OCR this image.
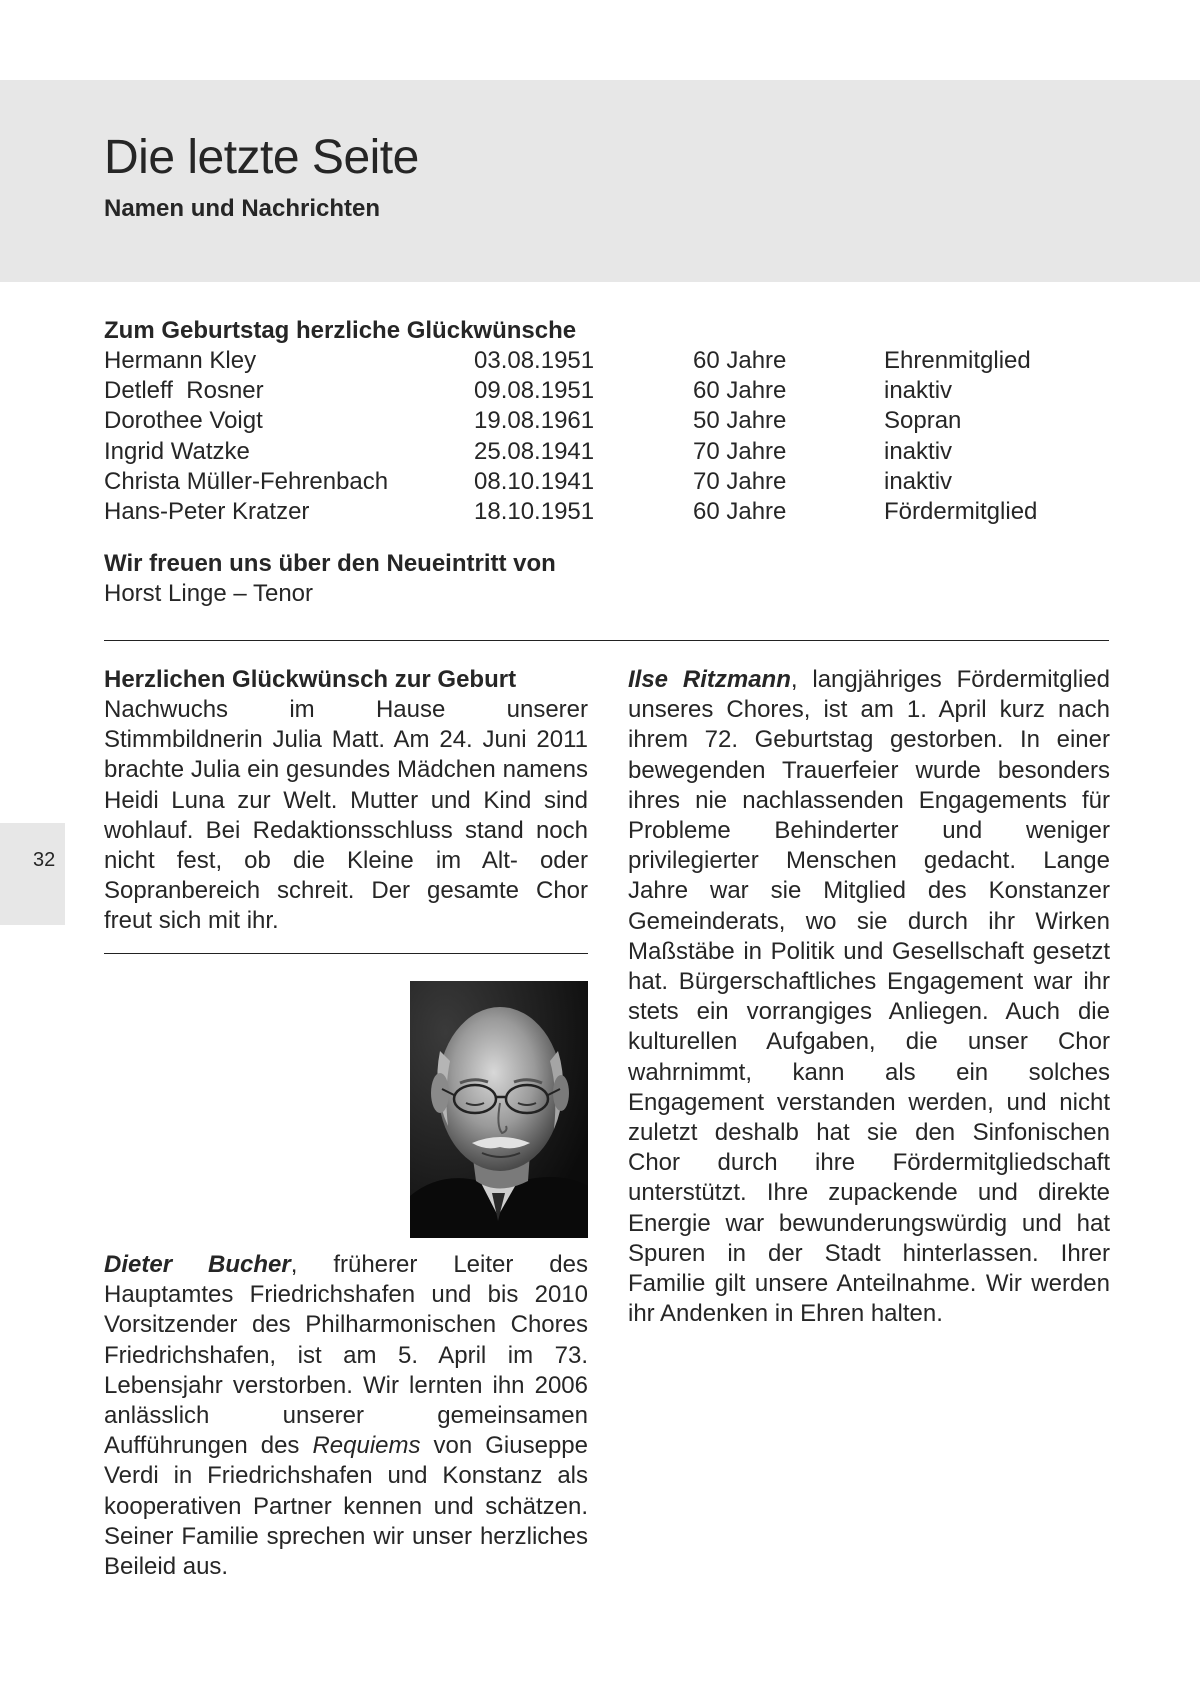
Die letzte Seite
Namen und Nachrichten
32
Zum Geburtstag herzliche Glückwünsche
Hermann Kley	03.08.1951	60 Jahre	Ehrenmitglied
Detleff  Rosner	09.08.1951	60 Jahre	inaktiv
Dorothee Voigt	19.08.1961	50 Jahre	Sopran
Ingrid Watzke	25.08.1941	70 Jahre	inaktiv
Christa Müller-Fehrenbach	08.10.1941	70 Jahre	inaktiv
Hans-Peter Kratzer	18.10.1951	60 Jahre	Fördermitglied
Wir freuen uns über den Neueintritt von
Horst Linge – Tenor
Herzlichen Glückwünsch zur Geburt

Nachwuchs im Hause unserer Stimmbildnerin Julia Matt. Am 24. Juni 2011 brachte Julia ein gesundes Mädchen namens Heidi Luna zur Welt. Mutter und Kind sind wohlauf. Bei Redaktionsschluss stand noch nicht fest, ob die Kleine im Alt- oder Sopranbereich schreit. Der gesamte Chor freut sich mit ihr.

Dieter Bucher, früherer Leiter des Hauptamtes Friedrichshafen und bis 2010 Vorsitzender des Philharmonischen Chores Friedrichshafen, ist am 5. April im 73. Lebensjahr verstorben. Wir lernten ihn 2006 anlässlich unserer gemeinsamen Aufführungen des Requiems von Giuseppe Verdi in Friedrichshafen und Konstanz als kooperativen Partner kennen und schätzen. Seiner Familie sprechen wir unser herzliches Beileid aus.

Ilse Ritzmann, langjähriges Fördermitglied unseres Chores, ist am 1. April kurz nach ihrem 72. Geburtstag gestorben. In einer bewegenden Trauerfeier wurde besonders ihres nie nachlassenden Engagements für Probleme Behinderter und weniger privilegierter Menschen gedacht. Lange Jahre war sie Mitglied des Konstanzer Gemeinderats, wo sie durch ihr Wirken Maßstäbe in Politik und Gesellschaft gesetzt hat. Bürgerschaftliches Engagement war ihr stets ein vorrangiges Anliegen. Auch die kulturellen Aufgaben, die unser Chor wahrnimmt, kann als ein solches Engagement verstanden werden, und nicht zuletzt deshalb hat sie den Sinfonischen Chor durch ihre Fördermitgliedschaft unterstützt. Ihre zupackende und direkte Energie war bewunderungswürdig und hat Spuren in der Stadt hinterlassen. Ihrer Familie gilt unsere Anteilnahme. Wir werden ihr Andenken in Ehren halten.
